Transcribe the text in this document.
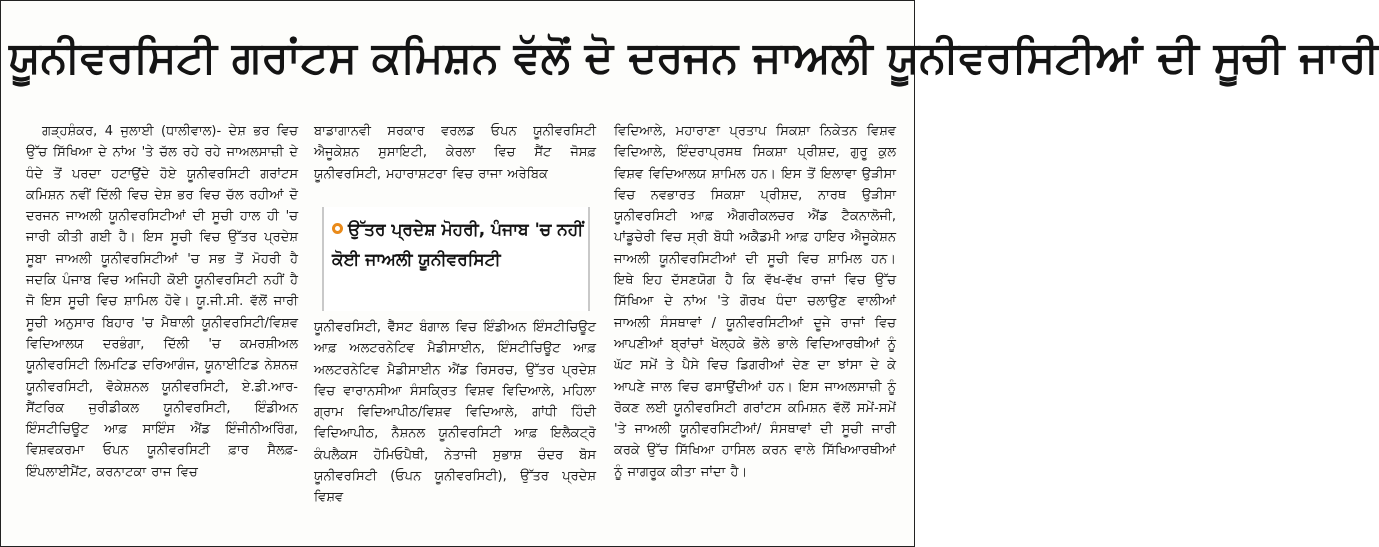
ਯੂਨੀਵਰਸਿਟੀ ਗਰਾਂਟਸ ਕਮਿਸ਼ਨ ਵੱਲੋਂ ਦੋ ਦਰਜਨ ਜਾਅਲੀ ਯੂਨੀਵਰਸਿਟੀਆਂ ਦੀ ਸੂਚੀ ਜਾਰੀ

ਗੜ੍ਹਸ਼ੰਕਰ, 4 ਜੁਲਾਈ (ਧਾਲੀਵਾਲ)- ਦੇਸ਼ ਭਰ ਵਿਚ ਉੱਚ ਸਿੱਖਿਆ ਦੇ ਨਾਂਅ 'ਤੇ ਚੱਲ ਰਹੇ ਰਹੇ ਜਾਅਲਸਾਜ਼ੀ ਦੇ ਧੰਦੇ ਤੋਂ ਪਰਦਾ ਹਟਾਉਂਦੇ ਹੋਏ ਯੂਨੀਵਰਸਿਟੀ ਗਰਾਂਟਸ ਕਮਿਸ਼ਨ ਨਵੀਂ ਦਿੱਲੀ ਵਿਚ ਦੇਸ਼ ਭਰ ਵਿਚ ਚੱਲ ਰਹੀਆਂ ਦੋ ਦਰਜਨ ਜਾਅਲੀ ਯੂਨੀਵਰਸਿਟੀਆਂ ਦੀ ਸੂਚੀ ਹਾਲ ਹੀ 'ਚ ਜਾਰੀ ਕੀਤੀ ਗਈ ਹੈ। ਇਸ ਸੂਚੀ ਵਿਚ ਉੱਤਰ ਪ੍ਰਦੇਸ਼ ਸੂਬਾ ਜਾਅਲੀ ਯੂਨੀਵਰਸਿਟੀਆਂ 'ਚ ਸਭ ਤੋਂ ਮੋਹਰੀ ਹੈ ਜਦਕਿ ਪੰਜਾਬ ਵਿਚ ਅਜਿਹੀ ਕੋਈ ਯੂਨੀਵਰਸਿਟੀ ਨਹੀਂ ਹੈ ਜੋ ਇਸ ਸੂਚੀ ਵਿਚ ਸ਼ਾਮਿਲ ਹੋਵੇ। ਯੂ.ਜੀ.ਸੀ. ਵੱਲੋਂ ਜਾਰੀ ਸੂਚੀ ਅਨੁਸਾਰ ਬਿਹਾਰ 'ਚ ਮੈਥਾਲੀ ਯੂਨੀਵਰਸਿਟੀ/ਵਿਸ਼ਵ ਵਿਦਿਆਲਯ ਦਰਭੰਗਾ, ਦਿੱਲੀ 'ਚ ਕਮਰਸ਼ੀਅਲ ਯੂਨੀਵਰਸਿਟੀ ਲਿਮਟਿਡ ਦਰਿਆਗੰਜ, ਯੂਨਾਈਟਿਡ ਨੇਸ਼ਨਜ਼ ਯੂਨੀਵਰਸਿਟੀ, ਵੋਕੇਸ਼ਨਲ ਯੂਨੀਵਰਸਿਟੀ, ਏ.ਡੀ.ਆਰ-ਸੈਂਟਰਿਕ ਜੁਰੀਡੀਕਲ ਯੂਨੀਵਰਸਿਟੀ, ਇੰਡੀਅਨ ਇੰਸਟੀਚਿਊਟ ਆਫ਼ ਸਾਇੰਸ ਐਂਡ ਇੰਜੀਨੀਅਰਿੰਗ, ਵਿਸ਼ਵਕਰਮਾ ਓਪਨ ਯੂਨੀਵਰਸਿਟੀ ਫ਼ਾਰ ਸੈਲਫ਼-ਇੰਪਲਾਈਮੈਂਟ, ਕਰਨਾਟਕਾ ਰਾਜ ਵਿਚ

ਬਾਡਾਗਾਨਵੀ ਸਰਕਾਰ ਵਰਲਡ ਓਪਨ ਯੂਨੀਵਰਸਿਟੀ ਐਜੂਕੇਸ਼ਨ ਸੁਸਾਇਟੀ, ਕੇਰਲਾ ਵਿਚ ਸੈਂਟ ਜੋਸਫ਼ ਯੂਨੀਵਰਸਿਟੀ, ਮਹਾਰਾਸ਼ਟਰਾ ਵਿਚ ਰਾਜਾ ਅਰੇਬਿਕ
ਯੂਨੀਵਰਸਿਟੀ, ਵੈੱਸਟ ਬੰਗਾਲ ਵਿਚ ਇੰਡੀਅਨ ਇੰਸਟੀਚਿਊਟ ਆਫ਼ ਅਲਟਰਨੇਟਿਵ ਮੈਡੀਸਾਈਨ, ਇੰਸਟੀਚਿਊਟ ਆਫ਼ ਅਲਟਰਨੇਟਿਵ ਮੈਡੀਸਾਈਨ ਐਂਡ ਰਿਸਰਚ, ਉੱਤਰ ਪ੍ਰਦੇਸ਼ ਵਿਚ ਵਾਰਾਨਸੀਆ ਸੰਸਕ੍ਰਿਤ ਵਿਸ਼ਵ ਵਿਦਿਆਲੇ, ਮਹਿਲਾ ਗ੍ਰਾਮ ਵਿਦਿਆਪੀਠ/ਵਿਸ਼ਵ ਵਿਦਿਆਲੇ, ਗਾਂਧੀ ਹਿੰਦੀ ਵਿਦਿਆਪੀਠ, ਨੈਸ਼ਨਲ ਯੂਨੀਵਰਸਿਟੀ ਆਫ਼ ਇਲੈਕਟ੍ਰੋ ਕੰਪਲੈਕਸ ਹੋਮਿਓਪੈਥੀ, ਨੇਤਾਜੀ ਸੁਭਾਸ਼ ਚੰਦਰ ਬੋਸ ਯੂਨੀਵਰਸਿਟੀ (ਓਪਨ ਯੂਨੀਵਰਸਿਟੀ), ਉੱਤਰ ਪ੍ਰਦੇਸ਼ ਵਿਸ਼ਵ
ਉੱਤਰ ਪ੍ਰਦੇਸ਼ ਮੋਹਰੀ, ਪੰਜਾਬ 'ਚ ਨਹੀਂ ਕੋਈ ਜਾਅਲੀ ਯੂਨੀਵਰਸਿਟੀ

ਵਿਦਿਆਲੇ, ਮਹਾਰਾਣਾ ਪ੍ਰਤਾਪ ਸਿਕਸ਼ਾ ਨਿਕੇਤਨ ਵਿਸ਼ਵ ਵਿਦਿਆਲੇ, ਇੰਦਰਾਪ੍ਰਸਥ ਸਿਕਸ਼ਾ ਪ੍ਰੀਸ਼ਦ, ਗੁਰੂ ਕੁਲ ਵਿਸ਼ਵ ਵਿਦਿਆਲਯ ਸ਼ਾਮਿਲ ਹਨ। ਇਸ ਤੋਂ ਇਲਾਵਾ ਉੜੀਸਾ ਵਿਚ ਨਵਭਾਰਤ ਸਿਕਸ਼ਾ ਪ੍ਰੀਸ਼ਦ, ਨਾਰਥ ਉੜੀਸਾ ਯੂਨੀਵਰਸਿਟੀ ਆਫ਼ ਐਗਰੀਕਲਚਰ ਐਂਡ ਟੈਕਨਾਲੋਜੀ, ਪਾਂਡੂਚੇਰੀ ਵਿਚ ਸ੍ਰੀ ਬੋਧੀ ਅਕੈਡਮੀ ਆਫ਼ ਹਾਇਰ ਐਜੂਕੇਸ਼ਨ ਜਾਅਲੀ ਯੂਨੀਵਰਸਿਟੀਆਂ ਦੀ ਸੂਚੀ ਵਿਚ ਸ਼ਾਮਿਲ ਹਨ। ਇਥੇ ਇਹ ਦੱਸਣਯੋਗ ਹੈ ਕਿ ਵੱਖ-ਵੱਖ ਰਾਜਾਂ ਵਿਚ ਉੱਚ ਸਿੱਖਿਆ ਦੇ ਨਾਂਅ 'ਤੇ ਗੋਰਖ ਧੰਦਾ ਚਲਾਉਣ ਵਾਲੀਆਂ ਜਾਅਲੀ ਸੰਸਥਾਵਾਂ / ਯੂਨੀਵਰਸਿਟੀਆਂ ਦੂਜੇ ਰਾਜਾਂ ਵਿਚ ਆਪਣੀਆਂ ਬ੍ਰਾਂਚਾਂ ਖੋਲ੍ਹਕੇ ਭੋਲੇ ਭਾਲੇ ਵਿਦਿਆਰਥੀਆਂ ਨੂੰ ਘੱਟ ਸਮੇਂ ਤੇ ਪੈਸੇ ਵਿਚ ਡਿਗਰੀਆਂ ਦੇਣ ਦਾ ਝਾਂਸਾ ਦੇ ਕੇ ਆਪਣੇ ਜਾਲ ਵਿਚ ਫਸਾਉਂਦੀਆਂ ਹਨ। ਇਸ ਜਾਅਲਸਾਜ਼ੀ ਨੂੰ ਰੋਕਣ ਲਈ ਯੂਨੀਵਰਸਿਟੀ ਗਰਾਂਟਸ ਕਮਿਸ਼ਨ ਵੱਲੋਂ ਸਮੇਂ-ਸਮੇਂ 'ਤੇ ਜਾਅਲੀ ਯੂਨੀਵਰਸਿਟੀਆਂ/ ਸੰਸਥਾਵਾਂ ਦੀ ਸੂਚੀ ਜਾਰੀ ਕਰਕੇ ਉੱਚ ਸਿੱਖਿਆ ਹਾਸਿਲ ਕਰਨ ਵਾਲੇ ਸਿੱਖਿਆਰਥੀਆਂ ਨੂੰ ਜਾਗਰੂਕ ਕੀਤਾ ਜਾਂਦਾ ਹੈ।
